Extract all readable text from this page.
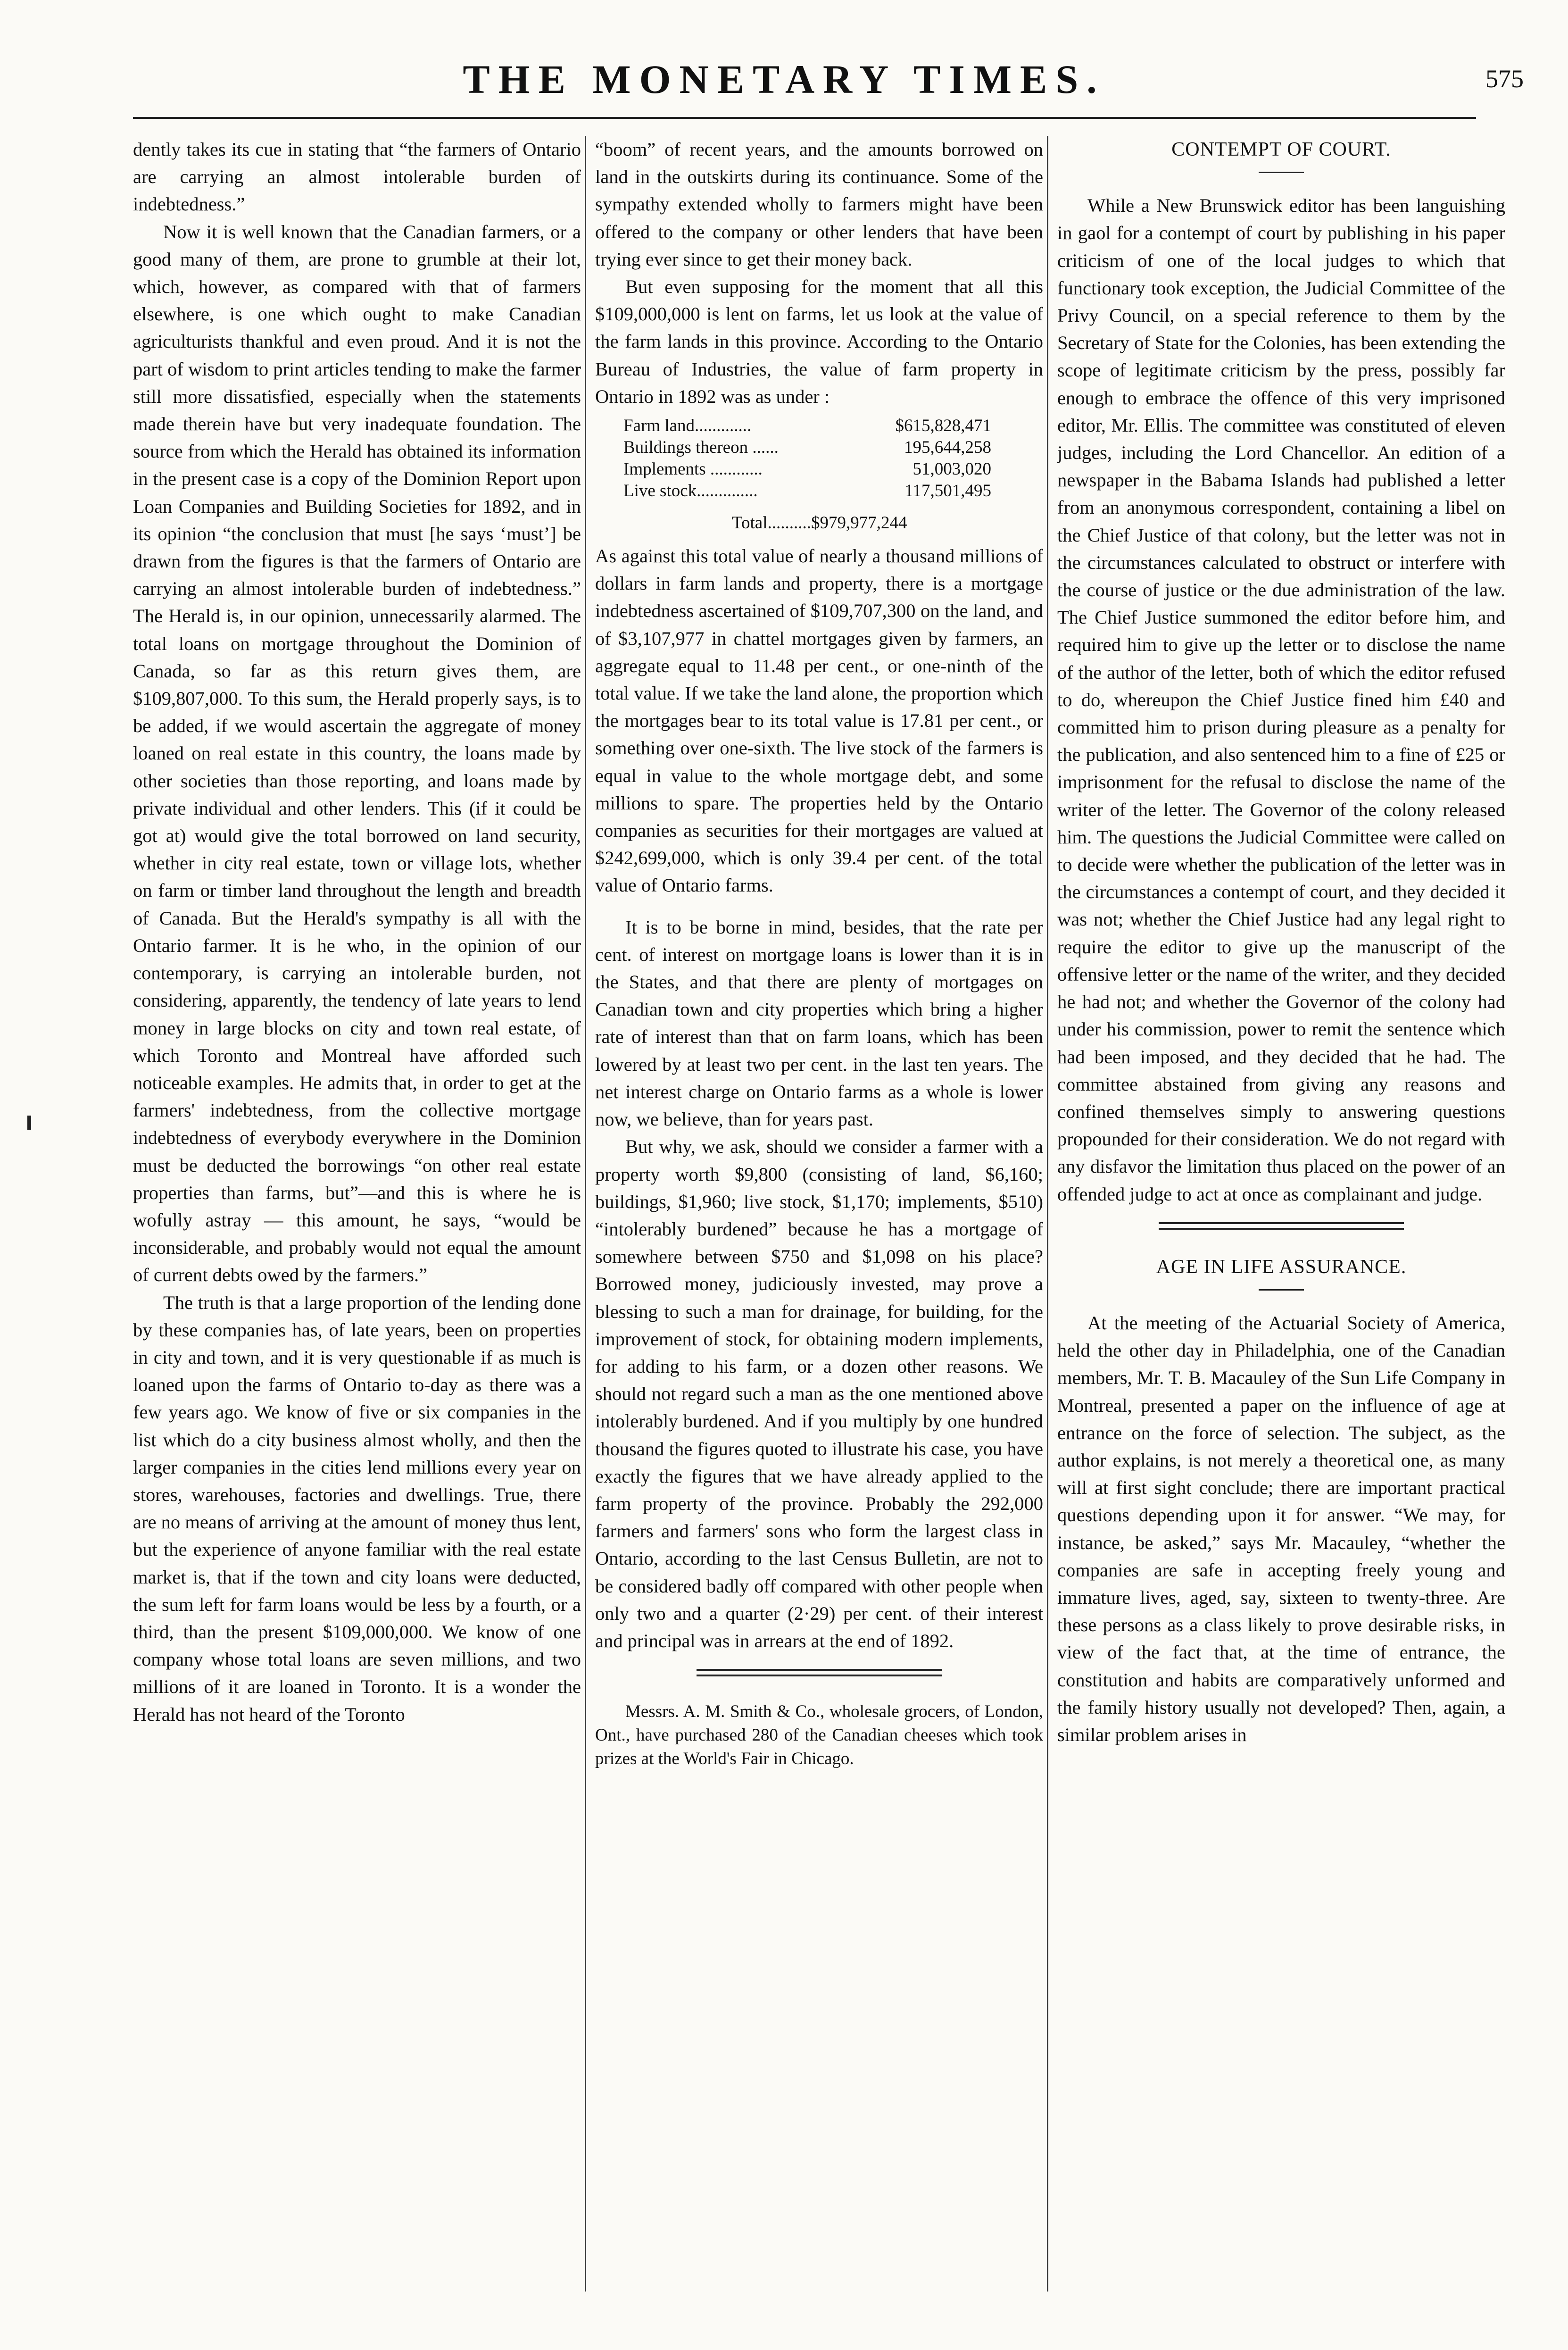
THE MONETARY TIMES.	575

dently takes its cue in stating that “the farmers of Ontario are carrying an almost intolerable burden of indebtedness.”

Now it is well known that the Canadian farmers, or a good many of them, are prone to grumble at their lot, which, however, as compared with that of farmers elsewhere, is one which ought to make Canadian agriculturists thankful and even proud. And it is not the part of wisdom to print articles tending to make the farmer still more dissatisfied, especially when the statements made therein have but very inadequate foundation. The source from which the Herald has obtained its information in the present case is a copy of the Dominion Report upon Loan Companies and Building Societies for 1892, and in its opinion “the conclusion that must [he says ‘must’] be drawn from the figures is that the farmers of Ontario are carrying an almost intolerable burden of indebtedness.” The Herald is, in our opinion, unnecessarily alarmed. The total loans on mortgage throughout the Dominion of Canada, so far as this return gives them, are $109,807,000. To this sum, the Herald properly says, is to be added, if we would ascertain the aggregate of money loaned on real estate in this country, the loans made by other societies than those reporting, and loans made by private individual and other lenders. This (if it could be got at) would give the total borrowed on land security, whether in city real estate, town or village lots, whether on farm or timber land throughout the length and breadth of Canada. But the Herald's sympathy is all with the Ontario farmer. It is he who, in the opinion of our contemporary, is carrying an intolerable burden, not considering, apparently, the tendency of late years to lend money in large blocks on city and town real estate, of which Toronto and Montreal have afforded such noticeable examples. He admits that, in order to get at the farmers' indebtedness, from the collective mortgage indebtedness of everybody everywhere in the Dominion must be deducted the borrowings “on other real estate properties than farms, but”—and this is where he is wofully astray — this amount, he says, “would be inconsiderable, and probably would not equal the amount of current debts owed by the farmers.”

The truth is that a large proportion of the lending done by these companies has, of late years, been on properties in city and town, and it is very questionable if as much is loaned upon the farms of Ontario to-day as there was a few years ago. We know of five or six companies in the list which do a city business almost wholly, and then the larger companies in the cities lend millions every year on stores, warehouses, factories and dwellings. True, there are no means of arriving at the amount of money thus lent, but the experience of anyone familiar with the real estate market is, that if the town and city loans were deducted, the sum left for farm loans would be less by a fourth, or a third, than the present $109,000,000. We know of one company whose total loans are seven millions, and two millions of it are loaned in Toronto. It is a wonder the Herald has not heard of the Toronto

“boom” of recent years, and the amounts borrowed on land in the outskirts during its continuance. Some of the sympathy extended wholly to farmers might have been offered to the company or other lenders that have been trying ever since to get their money back.

But even supposing for the moment that all this $109,000,000 is lent on farms, let us look at the value of the farm lands in this province. According to the Ontario Bureau of Industries, the value of farm property in Ontario in 1892 was as under :

Farm land.............	$615,828,471
Buildings thereon ......	195,644,258
Implements ............	51,003,020
Live stock..............	117,501,495
Total..........$979,977,244

As against this total value of nearly a thousand millions of dollars in farm lands and property, there is a mortgage indebtedness ascertained of $109,707,300 on the land, and of $3,107,977 in chattel mortgages given by farmers, an aggregate equal to 11.48 per cent., or one-ninth of the total value. If we take the land alone, the proportion which the mortgages bear to its total value is 17.81 per cent., or something over one-sixth. The live stock of the farmers is equal in value to the whole mortgage debt, and some millions to spare. The properties held by the Ontario companies as securities for their mortgages are valued at $242,699,000, which is only 39.4 per cent. of the total value of Ontario farms.

It is to be borne in mind, besides, that the rate per cent. of interest on mortgage loans is lower than it is in the States, and that there are plenty of mortgages on Canadian town and city properties which bring a higher rate of interest than that on farm loans, which has been lowered by at least two per cent. in the last ten years. The net interest charge on Ontario farms as a whole is lower now, we believe, than for years past.

But why, we ask, should we consider a farmer with a property worth $9,800 (consisting of land, $6,160; buildings, $1,960; live stock, $1,170; implements, $510) “intolerably burdened” because he has a mortgage of somewhere between $750 and $1,098 on his place? Borrowed money, judiciously invested, may prove a blessing to such a man for drainage, for building, for the improvement of stock, for obtaining modern implements, for adding to his farm, or a dozen other reasons. We should not regard such a man as the one mentioned above intolerably burdened. And if you multiply by one hundred thousand the figures quoted to illustrate his case, you have exactly the figures that we have already applied to the farm property of the province. Probably the 292,000 farmers and farmers' sons who form the largest class in Ontario, according to the last Census Bulletin, are not to be considered badly off compared with other people when only two and a quarter (2·29) per cent. of their interest and principal was in arrears at the end of 1892.

Messrs. A. M. Smith & Co., wholesale grocers, of London, Ont., have purchased 280 of the Canadian cheeses which took prizes at the World's Fair in Chicago.

CONTEMPT OF COURT.

While a New Brunswick editor has been languishing in gaol for a contempt of court by publishing in his paper criticism of one of the local judges to which that functionary took exception, the Judicial Committee of the Privy Council, on a special reference to them by the Secretary of State for the Colonies, has been extending the scope of legitimate criticism by the press, possibly far enough to embrace the offence of this very imprisoned editor, Mr. Ellis. The committee was constituted of eleven judges, including the Lord Chancellor. An edition of a newspaper in the Babama Islands had published a letter from an anonymous correspondent, containing a libel on the Chief Justice of that colony, but the letter was not in the circumstances calculated to obstruct or interfere with the course of justice or the due administration of the law. The Chief Justice summoned the editor before him, and required him to give up the letter or to disclose the name of the author of the letter, both of which the editor refused to do, whereupon the Chief Justice fined him £40 and committed him to prison during pleasure as a penalty for the publication, and also sentenced him to a fine of £25 or imprisonment for the refusal to disclose the name of the writer of the letter. The Governor of the colony released him. The questions the Judicial Committee were called on to decide were whether the publication of the letter was in the circumstances a contempt of court, and they decided it was not; whether the Chief Justice had any legal right to require the editor to give up the manuscript of the offensive letter or the name of the writer, and they decided he had not; and whether the Governor of the colony had under his commission, power to remit the sentence which had been imposed, and they decided that he had. The committee abstained from giving any reasons and confined themselves simply to answering questions propounded for their consideration. We do not regard with any disfavor the limitation thus placed on the power of an offended judge to act at once as complainant and judge.

AGE IN LIFE ASSURANCE.

At the meeting of the Actuarial Society of America, held the other day in Philadelphia, one of the Canadian members, Mr. T. B. Macauley of the Sun Life Company in Montreal, presented a paper on the influence of age at entrance on the force of selection. The subject, as the author explains, is not merely a theoretical one, as many will at first sight conclude; there are important practical questions depending upon it for answer. “We may, for instance, be asked,” says Mr. Macauley, “whether the companies are safe in accepting freely young and immature lives, aged, say, sixteen to twenty-three. Are these persons as a class likely to prove desirable risks, in view of the fact that, at the time of entrance, the constitution and habits are comparatively unformed and the family history usually not developed? Then, again, a similar problem arises in
